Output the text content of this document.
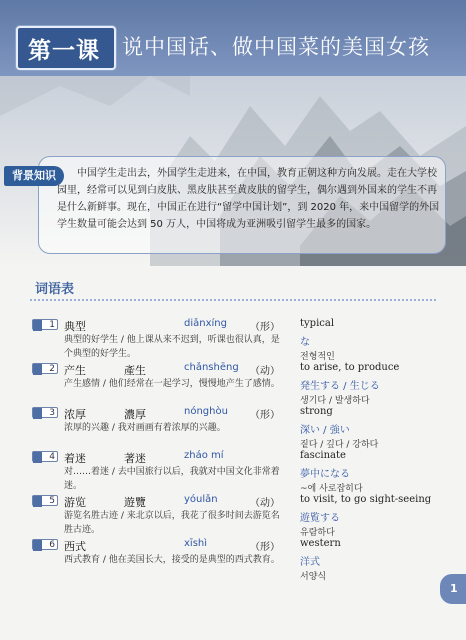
第一课 说中国话、做中国菜的美国女孩
背景知识	中国学生走出去，外国学生走进来，在中国，教育正朝这种方向发展。走在大学校园里，经常可以见到白皮肤、黑皮肤甚至黄皮肤的留学生，偶尔遇到外国来的学生不再是什么新鲜事。现在，中国正在进行“留学中国计划”，到 2020 年，来中国留学的外国学生数量可能会达到 50 万人，中国将成为亚洲吸引留学生最多的国家。
词语表
1 典型	diǎnxíng （形）
典型的好学生 / 他上课从来不迟到，听课也很认真，是个典型的好学生。
typical
な
전형적인
2 产生	產生	chǎnshēng （动）
产生感情 / 他们经常在一起学习，慢慢地产生了感情。
to arise, to produce
発生する / 生じる
생기다 / 발생하다
3 浓厚	濃厚	nónghòu （形）
浓厚的兴趣 / 我对画画有着浓厚的兴趣。
strong
深い / 強い
짙다 / 깊다 / 강하다
4 着迷	著迷	zháo mí
对……着迷 / 去中国旅行以后，我就对中国文化非常着迷。
fascinate
夢中になる
~에 사로잡히다
5 游览	遊覽	yóulǎn	（动）
游览名胜古迹 / 来北京以后，我花了很多时间去游览名胜古迹。
to visit, to go sight-seeing
遊覧する
유람하다
6 西式	xīshì	（形）
西式教育 / 他在美国长大，接受的是典型的西式教育。
western
洋式
서양식
1
